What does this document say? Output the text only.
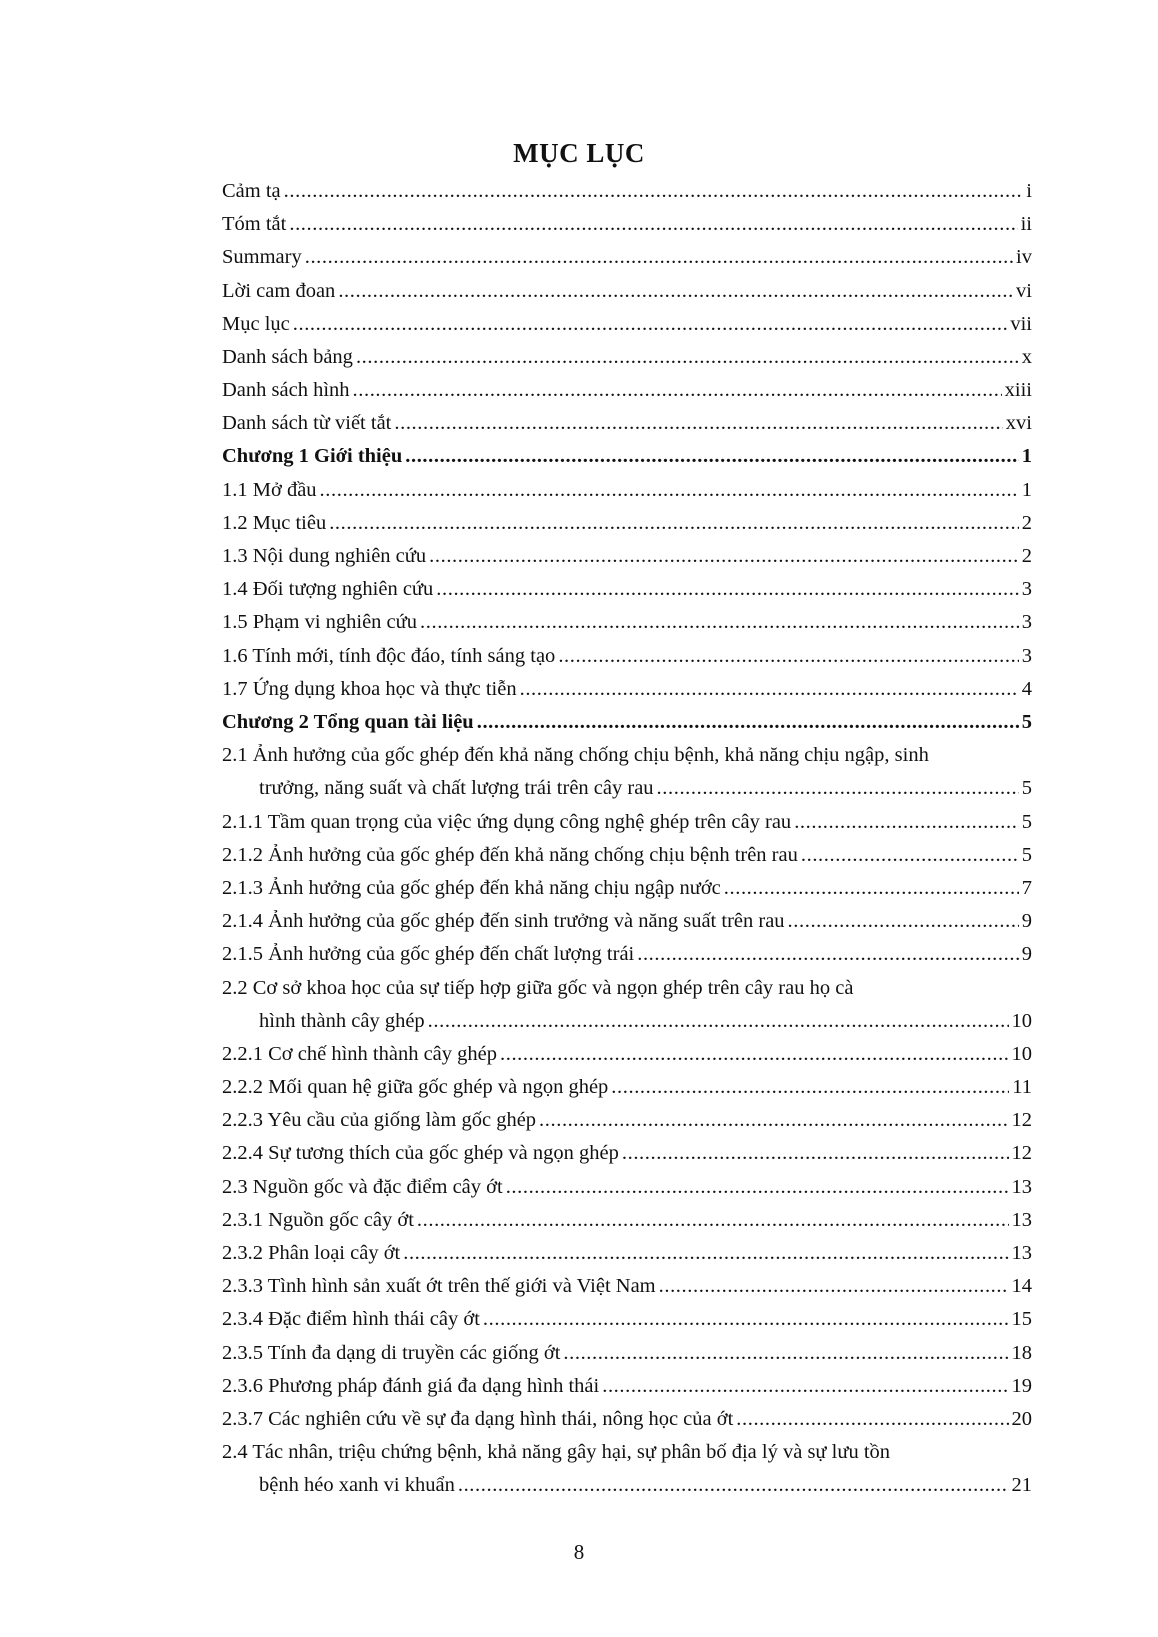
MỤC LỤC
Cảm tạ .....	i
Tóm tắt .....	ii
Summary .....	iv
Lời cam đoan .....	vi
Mục lục .....	vii
Danh sách bảng .....	x
Danh sách hình .....	xiii
Danh sách từ viết tắt .....	xvi
Chương 1 Giới thiệu .....	1
1.1 Mở đầu .....	1
1.2 Mục tiêu .....	2
1.3 Nội dung nghiên cứu .....	2
1.4 Đối tượng nghiên cứu .....	3
1.5 Phạm vi nghiên cứu .....	3
1.6 Tính mới, tính độc đáo, tính sáng tạo .....	3
1.7 Ứng dụng khoa học và thực tiễn .....	4
Chương 2 Tổng quan tài liệu .....	5
2.1 Ảnh hưởng của gốc ghép đến khả năng chống chịu bệnh, khả năng chịu ngập, sinh
trưởng, năng suất và chất lượng trái trên cây rau .....	5
2.1.1 Tầm quan trọng của việc ứng dụng công nghệ ghép trên cây rau .....	5
2.1.2 Ảnh hưởng của gốc ghép đến khả năng chống chịu bệnh trên rau .....	5
2.1.3 Ảnh hưởng của gốc ghép đến khả năng chịu ngập nước .....	7
2.1.4 Ảnh hưởng của gốc ghép đến sinh trưởng và năng suất trên rau .....	9
2.1.5 Ảnh hưởng của gốc ghép đến chất lượng trái .....	9
2.2 Cơ sở khoa học của sự tiếp hợp giữa gốc và ngọn ghép trên cây rau họ cà
hình thành cây ghép .....	10
2.2.1 Cơ chế hình thành cây ghép .....	10
2.2.2 Mối quan hệ giữa gốc ghép và ngọn ghép .....	11
2.2.3 Yêu cầu của giống làm gốc ghép .....	12
2.2.4 Sự tương thích của gốc ghép và ngọn ghép .....	12
2.3 Nguồn gốc và đặc điểm cây ớt .....	13
2.3.1 Nguồn gốc cây ớt .....	13
2.3.2 Phân loại cây ớt .....	13
2.3.3 Tình hình sản xuất ớt trên thế giới và Việt Nam .....	14
2.3.4 Đặc điểm hình thái cây ớt .....	15
2.3.5 Tính đa dạng di truyền các giống ớt .....	18
2.3.6 Phương pháp đánh giá đa dạng hình thái .....	19
2.3.7 Các nghiên cứu về sự đa dạng hình thái, nông học của ớt .....	20
2.4 Tác nhân, triệu chứng bệnh, khả năng gây hại, sự phân bố địa lý và sự lưu tồn
bệnh héo xanh vi khuẩn .....	21
8
